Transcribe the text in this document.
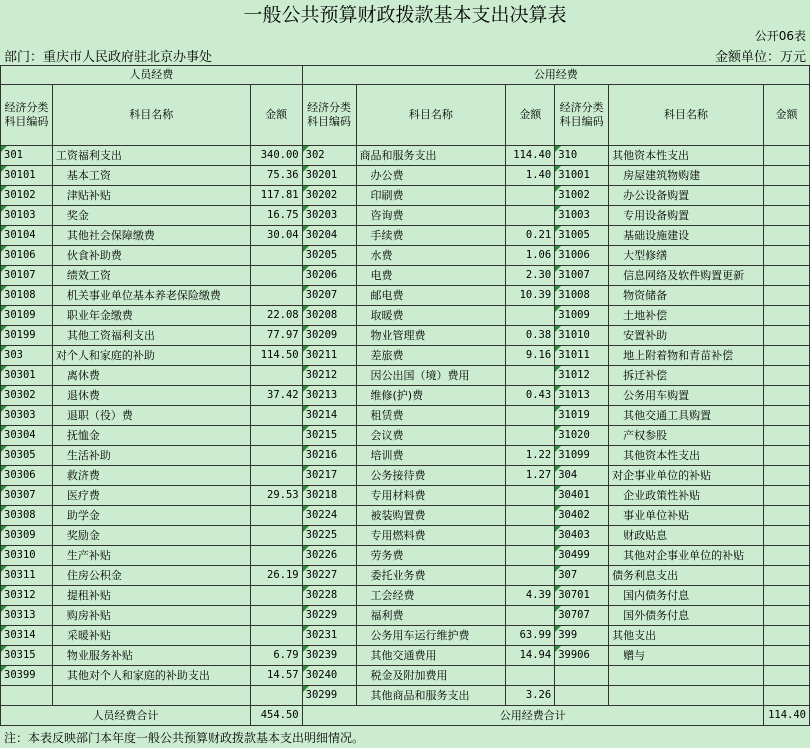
一般公共预算财政拨款基本支出决算表
公开06表
部门：重庆市人民政府驻北京办事处	金额单位：万元
人员经费			公用经费					
经济分类科目编码	科目名称	金额	经济分类科目编码	科目名称	金额	经济分类科目编码	科目名称	金额
301	工资福利支出	340.00	302	商品和服务支出	114.40	310	其他资本性支出	
30101	基本工资	75.36	30201	办公费	1.40	31001	房屋建筑物购建	
30102	津贴补贴	117.81	30202	印刷费		31002	办公设备购置	
30103	奖金	16.75	30203	咨询费		31003	专用设备购置	
30104	其他社会保障缴费	30.04	30204	手续费	0.21	31005	基础设施建设	
30106	伙食补助费		30205	水费	1.06	31006	大型修缮	
30107	绩效工资		30206	电费	2.30	31007	信息网络及软件购置更新	
30108	机关事业单位基本养老保险缴费		30207	邮电费	10.39	31008	物资储备	
30109	职业年金缴费	22.08	30208	取暖费		31009	土地补偿	
30199	其他工资福利支出	77.97	30209	物业管理费	0.38	31010	安置补助	
303	对个人和家庭的补助	114.50	30211	差旅费	9.16	31011	地上附着物和青苗补偿	
30301	离休费		30212	因公出国（境）费用		31012	拆迁补偿	
30302	退休费	37.42	30213	维修(护)费	0.43	31013	公务用车购置	
30303	退职（役）费		30214	租赁费		31019	其他交通工具购置	
30304	抚恤金		30215	会议费		31020	产权参股	
30305	生活补助		30216	培训费	1.22	31099	其他资本性支出	
30306	救济费		30217	公务接待费	1.27	304	对企事业单位的补贴	
30307	医疗费	29.53	30218	专用材料费		30401	企业政策性补贴	
30308	助学金		30224	被装购置费		30402	事业单位补贴	
30309	奖励金		30225	专用燃料费		30403	财政贴息	
30310	生产补贴		30226	劳务费		30499	其他对企事业单位的补贴	
30311	住房公积金	26.19	30227	委托业务费		307	债务利息支出	
30312	提租补贴		30228	工会经费	4.39	30701	国内债务付息	
30313	购房补贴		30229	福利费		30707	国外债务付息	
30314	采暖补贴		30231	公务用车运行维护费	63.99	399	其他支出	
30315	物业服务补贴	6.79	30239	其他交通费用	14.94	39906	赠与	
30399	其他对个人和家庭的补助支出	14.57	30240	税金及附加费用				
			30299	其他商品和服务支出	3.26			
人员经费合计		454.50	公用经费合计					114.40
注：本表反映部门本年度一般公共预算财政拨款基本支出明细情况。
